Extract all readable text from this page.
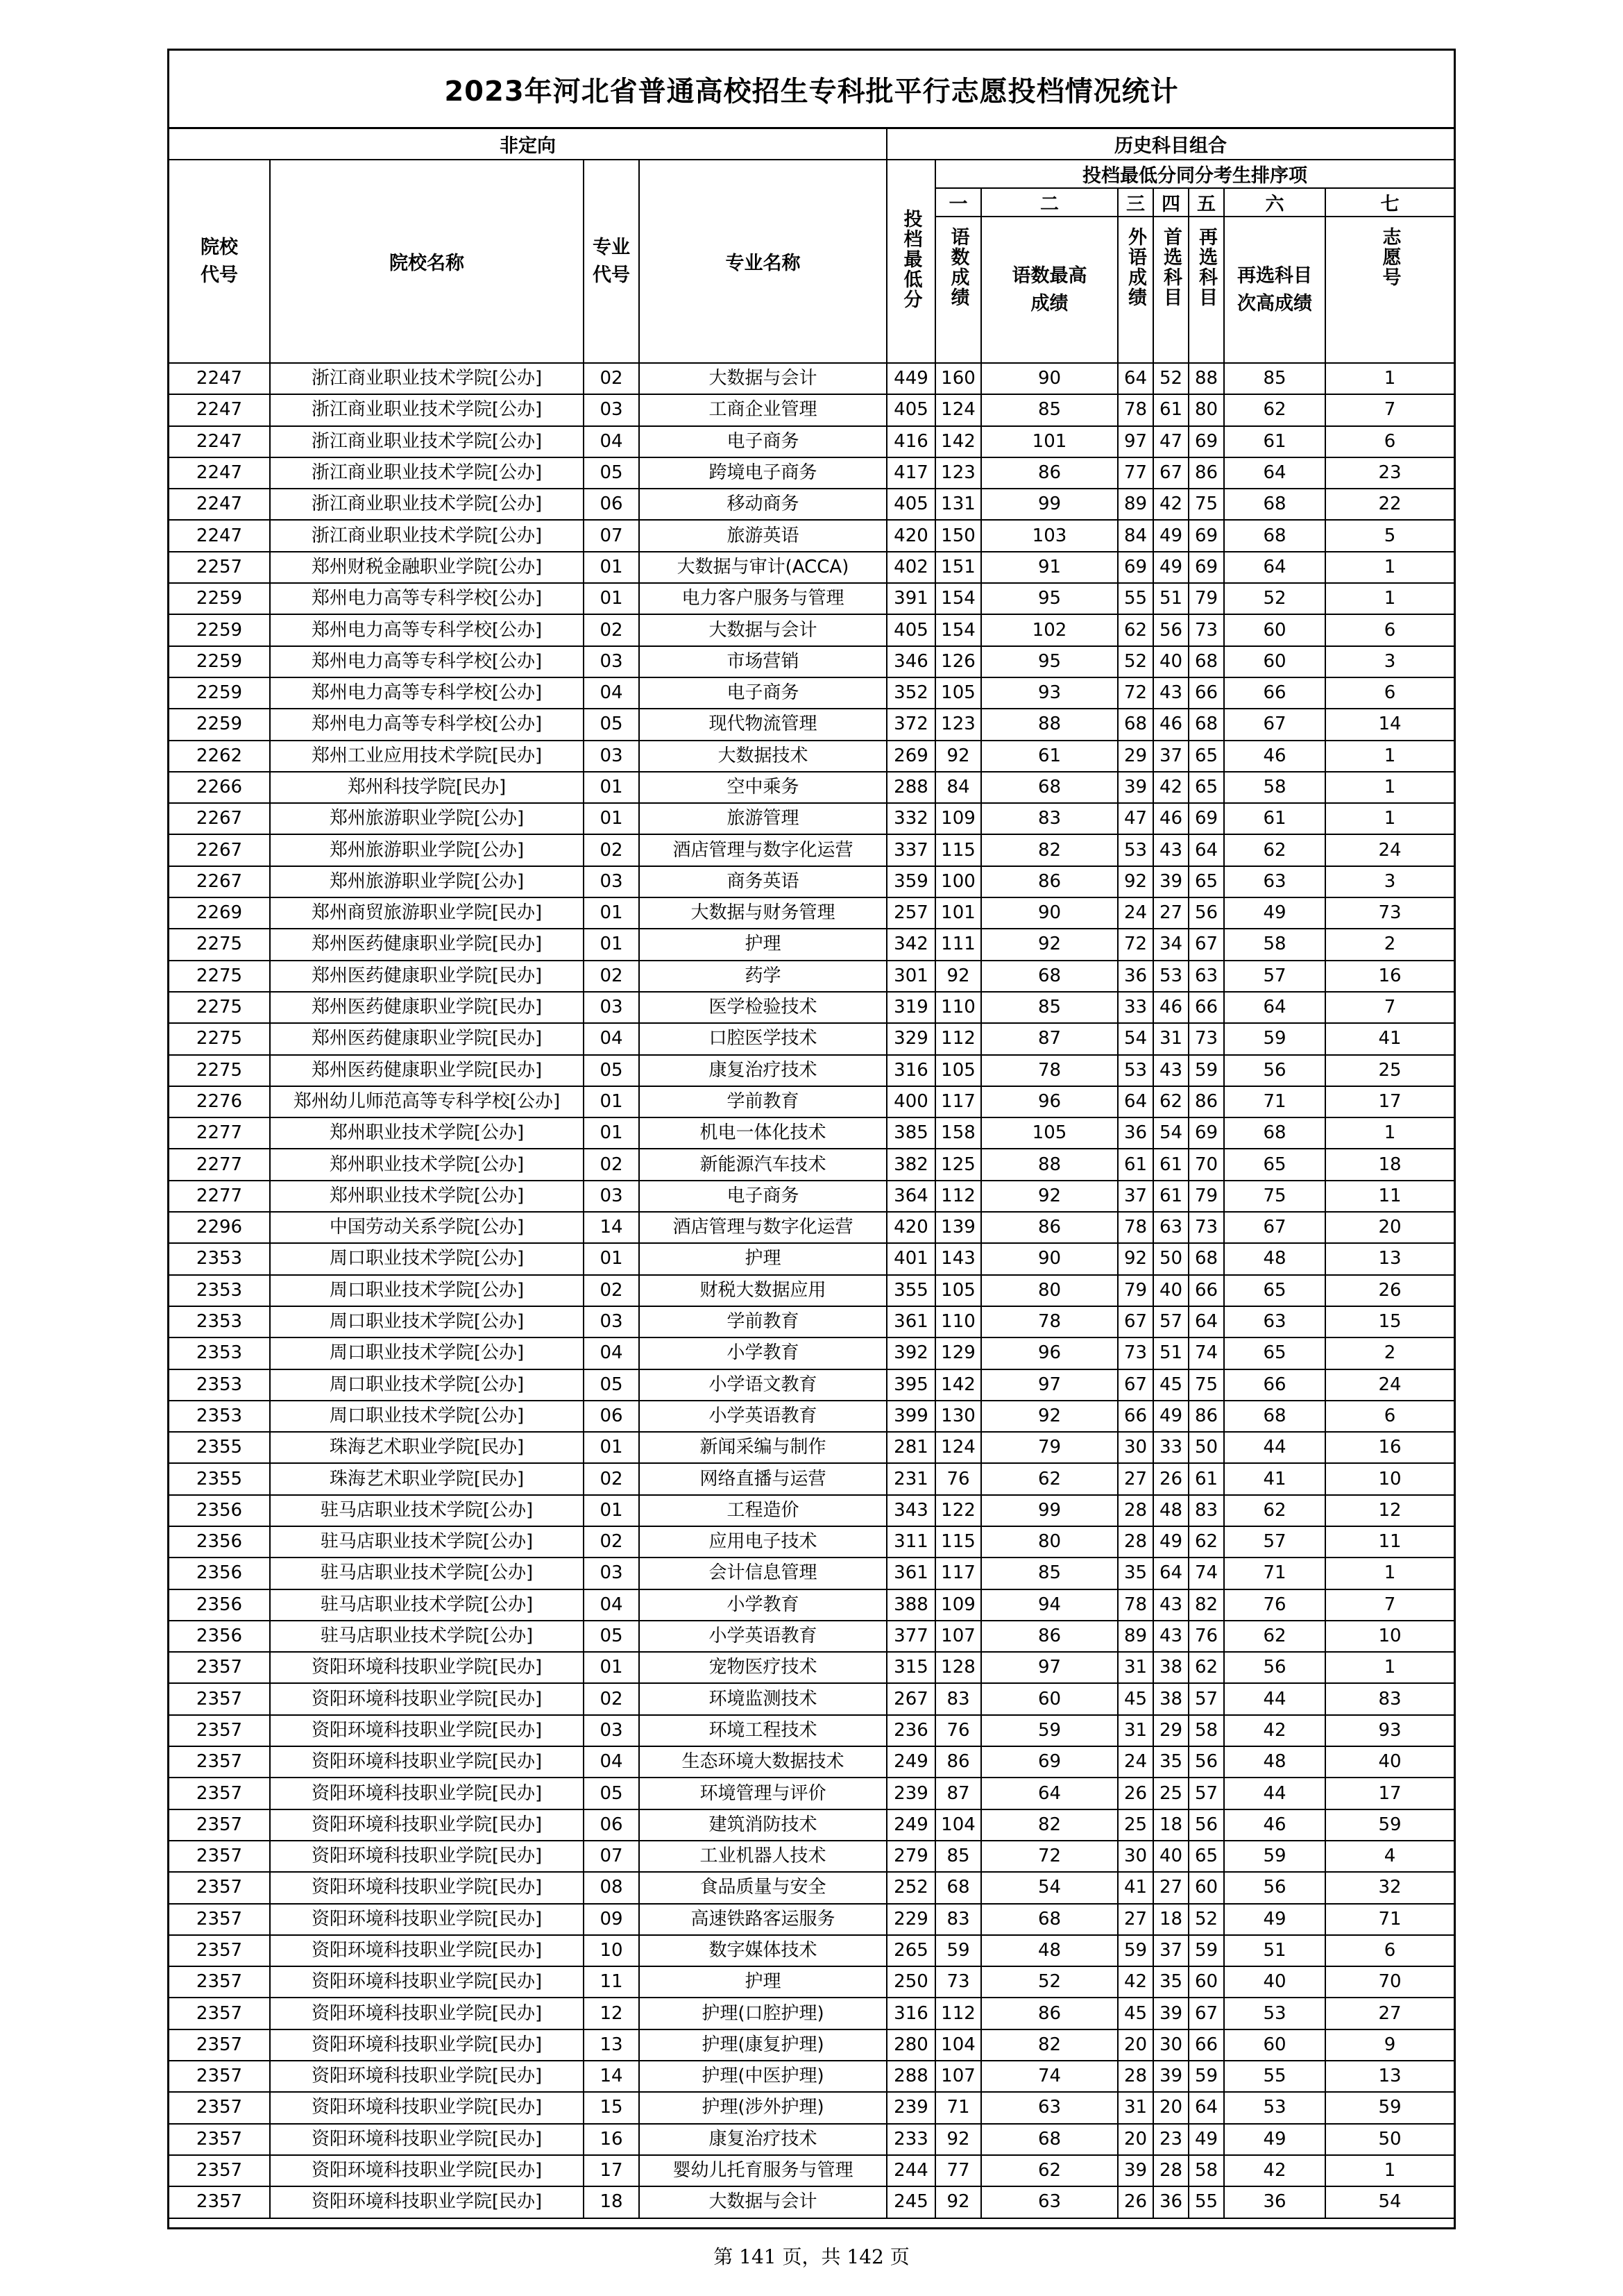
2023年河北省普通高校招生专科批平行志愿投档情况统计
非定向				历史科目组合							
院校代号	院校名称	专业代号	专业名称	投档最低分	投档最低分同分考生排序项						
					一	二	三	四	五	六	七
					语数成绩	语数最高成绩	外语成绩	首选科目	再选科目	再选科目次高成绩	志愿号
2247	浙江商业职业技术学院[公办]	02	大数据与会计	449	160	90	64	52	88	85	1
2247	浙江商业职业技术学院[公办]	03	工商企业管理	405	124	85	78	61	80	62	7
2247	浙江商业职业技术学院[公办]	04	电子商务	416	142	101	97	47	69	61	6
2247	浙江商业职业技术学院[公办]	05	跨境电子商务	417	123	86	77	67	86	64	23
2247	浙江商业职业技术学院[公办]	06	移动商务	405	131	99	89	42	75	68	22
2247	浙江商业职业技术学院[公办]	07	旅游英语	420	150	103	84	49	69	68	5
2257	郑州财税金融职业学院[公办]	01	大数据与审计(ACCA)	402	151	91	69	49	69	64	1
2259	郑州电力高等专科学校[公办]	01	电力客户服务与管理	391	154	95	55	51	79	52	1
2259	郑州电力高等专科学校[公办]	02	大数据与会计	405	154	102	62	56	73	60	6
2259	郑州电力高等专科学校[公办]	03	市场营销	346	126	95	52	40	68	60	3
2259	郑州电力高等专科学校[公办]	04	电子商务	352	105	93	72	43	66	66	6
2259	郑州电力高等专科学校[公办]	05	现代物流管理	372	123	88	68	46	68	67	14
2262	郑州工业应用技术学院[民办]	03	大数据技术	269	92	61	29	37	65	46	1
2266	郑州科技学院[民办]	01	空中乘务	288	84	68	39	42	65	58	1
2267	郑州旅游职业学院[公办]	01	旅游管理	332	109	83	47	46	69	61	1
2267	郑州旅游职业学院[公办]	02	酒店管理与数字化运营	337	115	82	53	43	64	62	24
2267	郑州旅游职业学院[公办]	03	商务英语	359	100	86	92	39	65	63	3
2269	郑州商贸旅游职业学院[民办]	01	大数据与财务管理	257	101	90	24	27	56	49	73
2275	郑州医药健康职业学院[民办]	01	护理	342	111	92	72	34	67	58	2
2275	郑州医药健康职业学院[民办]	02	药学	301	92	68	36	53	63	57	16
2275	郑州医药健康职业学院[民办]	03	医学检验技术	319	110	85	33	46	66	64	7
2275	郑州医药健康职业学院[民办]	04	口腔医学技术	329	112	87	54	31	73	59	41
2275	郑州医药健康职业学院[民办]	05	康复治疗技术	316	105	78	53	43	59	56	25
2276	郑州幼儿师范高等专科学校[公办]	01	学前教育	400	117	96	64	62	86	71	17
2277	郑州职业技术学院[公办]	01	机电一体化技术	385	158	105	36	54	69	68	1
2277	郑州职业技术学院[公办]	02	新能源汽车技术	382	125	88	61	61	70	65	18
2277	郑州职业技术学院[公办]	03	电子商务	364	112	92	37	61	79	75	11
2296	中国劳动关系学院[公办]	14	酒店管理与数字化运营	420	139	86	78	63	73	67	20
2353	周口职业技术学院[公办]	01	护理	401	143	90	92	50	68	48	13
2353	周口职业技术学院[公办]	02	财税大数据应用	355	105	80	79	40	66	65	26
2353	周口职业技术学院[公办]	03	学前教育	361	110	78	67	57	64	63	15
2353	周口职业技术学院[公办]	04	小学教育	392	129	96	73	51	74	65	2
2353	周口职业技术学院[公办]	05	小学语文教育	395	142	97	67	45	75	66	24
2353	周口职业技术学院[公办]	06	小学英语教育	399	130	92	66	49	86	68	6
2355	珠海艺术职业学院[民办]	01	新闻采编与制作	281	124	79	30	33	50	44	16
2355	珠海艺术职业学院[民办]	02	网络直播与运营	231	76	62	27	26	61	41	10
2356	驻马店职业技术学院[公办]	01	工程造价	343	122	99	28	48	83	62	12
2356	驻马店职业技术学院[公办]	02	应用电子技术	311	115	80	28	49	62	57	11
2356	驻马店职业技术学院[公办]	03	会计信息管理	361	117	85	35	64	74	71	1
2356	驻马店职业技术学院[公办]	04	小学教育	388	109	94	78	43	82	76	7
2356	驻马店职业技术学院[公办]	05	小学英语教育	377	107	86	89	43	76	62	10
2357	资阳环境科技职业学院[民办]	01	宠物医疗技术	315	128	97	31	38	62	56	1
2357	资阳环境科技职业学院[民办]	02	环境监测技术	267	83	60	45	38	57	44	83
2357	资阳环境科技职业学院[民办]	03	环境工程技术	236	76	59	31	29	58	42	93
2357	资阳环境科技职业学院[民办]	04	生态环境大数据技术	249	86	69	24	35	56	48	40
2357	资阳环境科技职业学院[民办]	05	环境管理与评价	239	87	64	26	25	57	44	17
2357	资阳环境科技职业学院[民办]	06	建筑消防技术	249	104	82	25	18	56	46	59
2357	资阳环境科技职业学院[民办]	07	工业机器人技术	279	85	72	30	40	65	59	4
2357	资阳环境科技职业学院[民办]	08	食品质量与安全	252	68	54	41	27	60	56	32
2357	资阳环境科技职业学院[民办]	09	高速铁路客运服务	229	83	68	27	18	52	49	71
2357	资阳环境科技职业学院[民办]	10	数字媒体技术	265	59	48	59	37	59	51	6
2357	资阳环境科技职业学院[民办]	11	护理	250	73	52	42	35	60	40	70
2357	资阳环境科技职业学院[民办]	12	护理(口腔护理)	316	112	86	45	39	67	53	27
2357	资阳环境科技职业学院[民办]	13	护理(康复护理)	280	104	82	20	30	66	60	9
2357	资阳环境科技职业学院[民办]	14	护理(中医护理)	288	107	74	28	39	59	55	13
2357	资阳环境科技职业学院[民办]	15	护理(涉外护理)	239	71	63	31	20	64	53	59
2357	资阳环境科技职业学院[民办]	16	康复治疗技术	233	92	68	20	23	49	49	50
2357	资阳环境科技职业学院[民办]	17	婴幼儿托育服务与管理	244	77	62	39	28	58	42	1
2357	资阳环境科技职业学院[民办]	18	大数据与会计	245	92	63	26	36	55	36	54
第 141 页，共 142 页
